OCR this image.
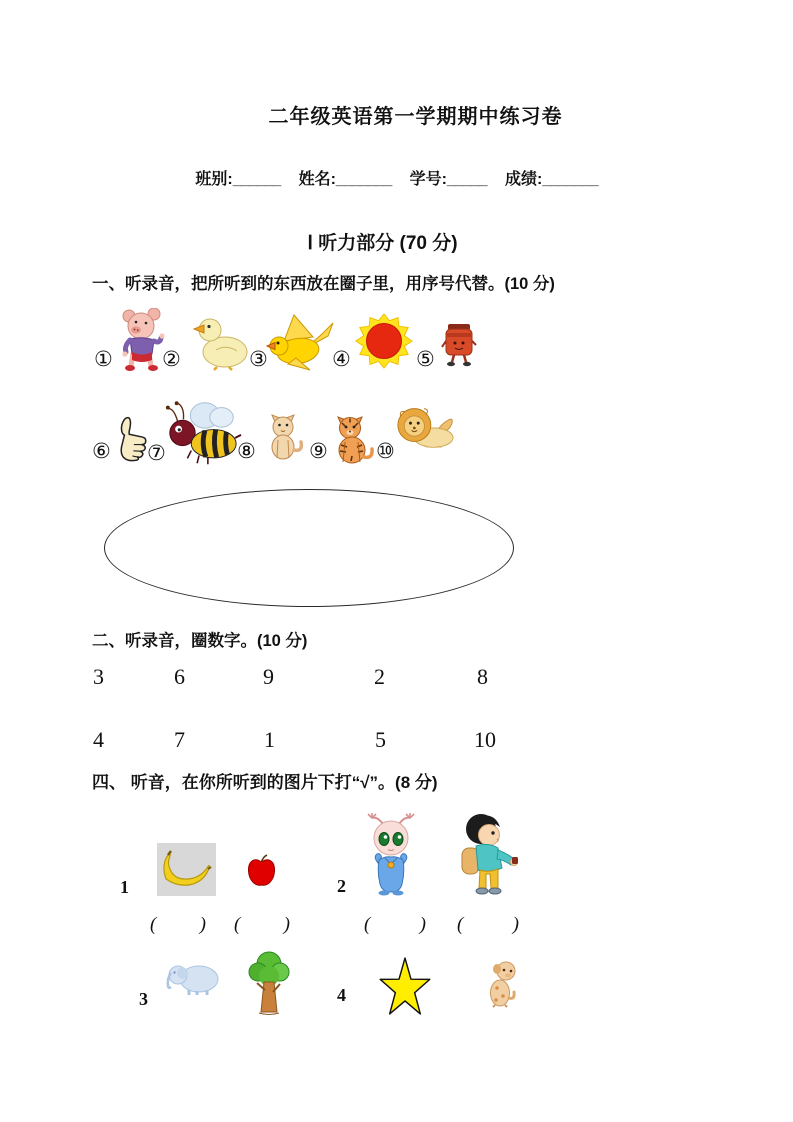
二年级英语第一学期期中练习卷
班别:______ 姓名:_______ 学号:_____ 成绩:_______
Ⅰ 听力部分 (70 分)
一、听录音，把所听到的东西放在圈子里，用序号代替。(10 分)
① ②	③	④	⑤
⑥ ⑦	⑧	⑨ ⑩
二、听录音，圈数字。(10 分)
3	6	9	2	8
4	7	1	5	10
四、 听音，在你所听到的图片下打“√”。(8 分)
1	2
( ) ( )	(	) (	)
3	4
